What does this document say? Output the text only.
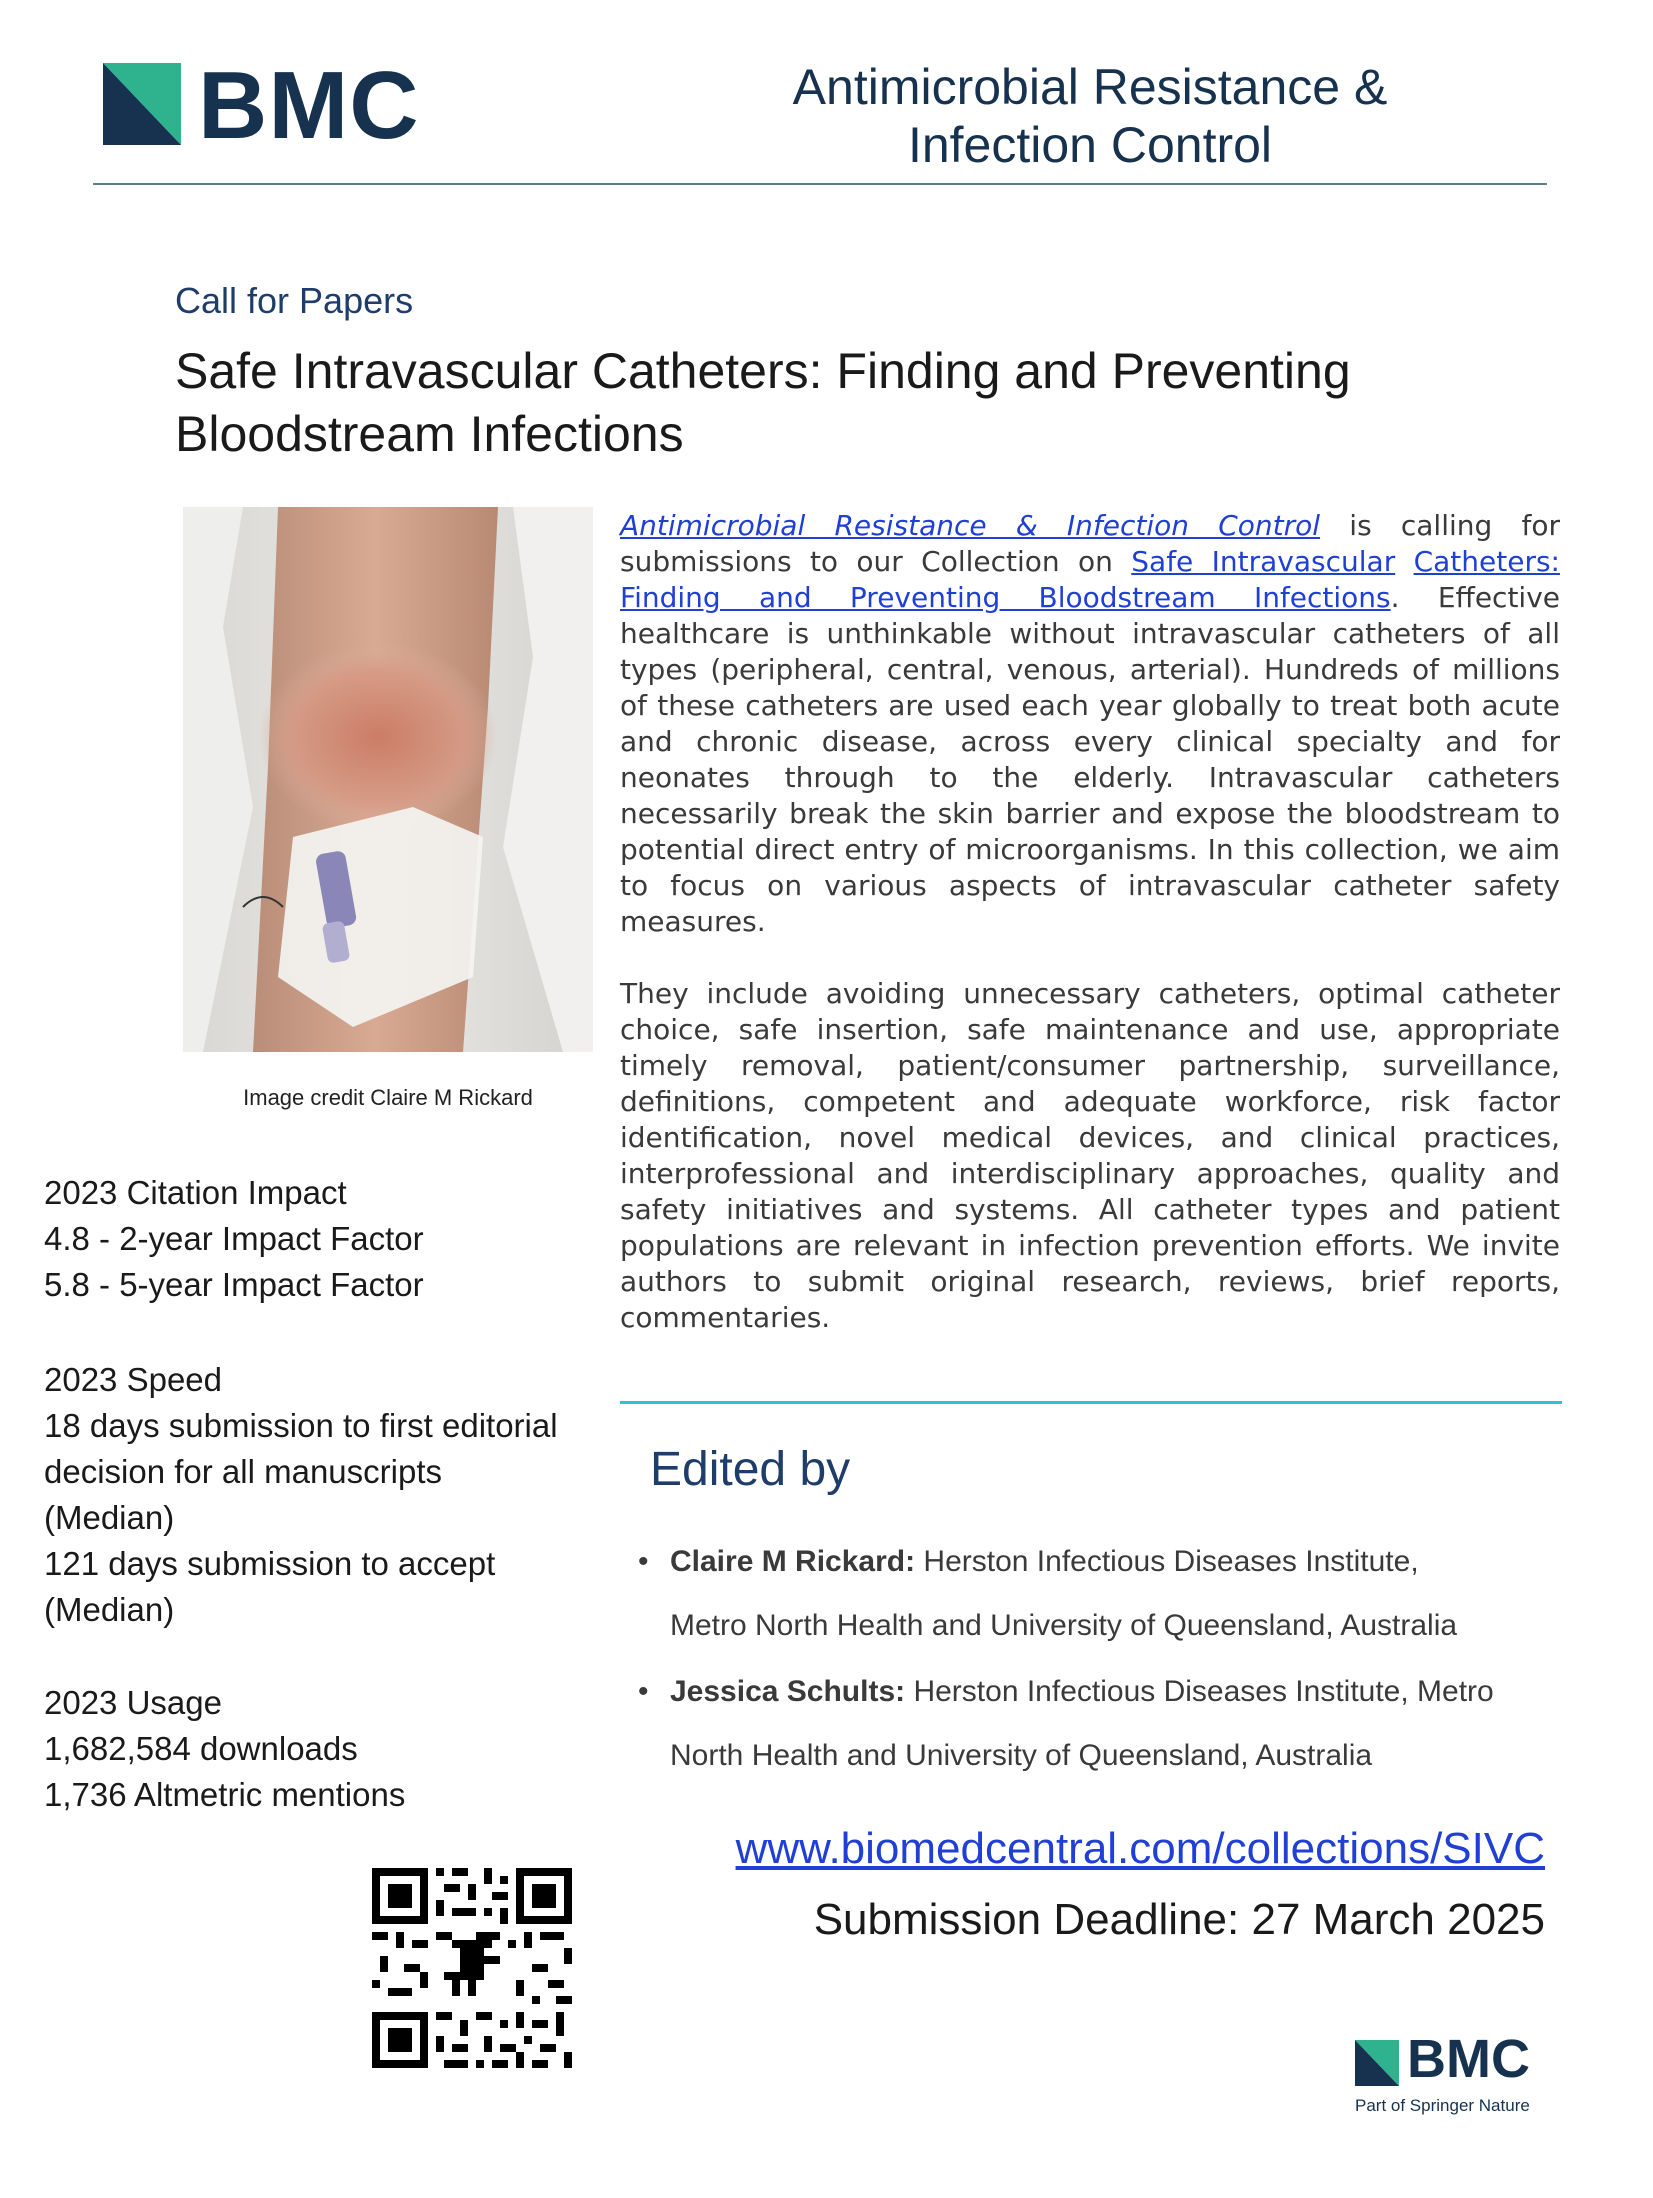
BMC	Antimicrobial Resistance &
Infection Control
Call for Papers
Safe Intravascular Catheters: Finding and Preventing
Bloodstream Infections
Image credit Claire M Rickard
Antimicrobial Resistance & Infection Control is calling for submissions to our Collection on Safe Intravascular Catheters: Finding and Preventing Bloodstream Infections. Effective healthcare is unthinkable without intravascular catheters of all types (peripheral, central, venous, arterial). Hundreds of millions of these catheters are used each year globally to treat both acute and chronic disease, across every clinical specialty and for neonates through to the elderly. Intravascular catheters necessarily break the skin barrier and expose the bloodstream to potential direct entry of microorganisms. In this collection, we aim to focus on various aspects of intravascular catheter safety measures.
They include avoiding unnecessary catheters, optimal catheter choice, safe insertion, safe maintenance and use, appropriate timely removal, patient/consumer partnership, surveillance, definitions, competent and adequate workforce, risk factor identification, novel medical devices, and clinical practices, interprofessional and interdisciplinary approaches, quality and safety initiatives and systems. All catheter types and patient populations are relevant in infection prevention efforts. We invite authors to submit original research, reviews, brief reports, commentaries.
Edited by
• Claire M Rickard: Herston Infectious Diseases Institute,
Metro North Health and University of Queensland, Australia
• Jessica Schults: Herston Infectious Diseases Institute, Metro
North Health and University of Queensland, Australia
2023 Citation Impact
4.8 - 2-year Impact Factor
5.8 - 5-year Impact Factor
2023 Speed
18 days submission to first editorial
decision for all manuscripts
(Median)
121 days submission to accept
(Median)
2023 Usage
1,682,584 downloads
1,736 Altmetric mentions
www.biomedcentral.com/collections/SIVC
Submission Deadline: 27 March 2025
BMC
Part of Springer Nature
